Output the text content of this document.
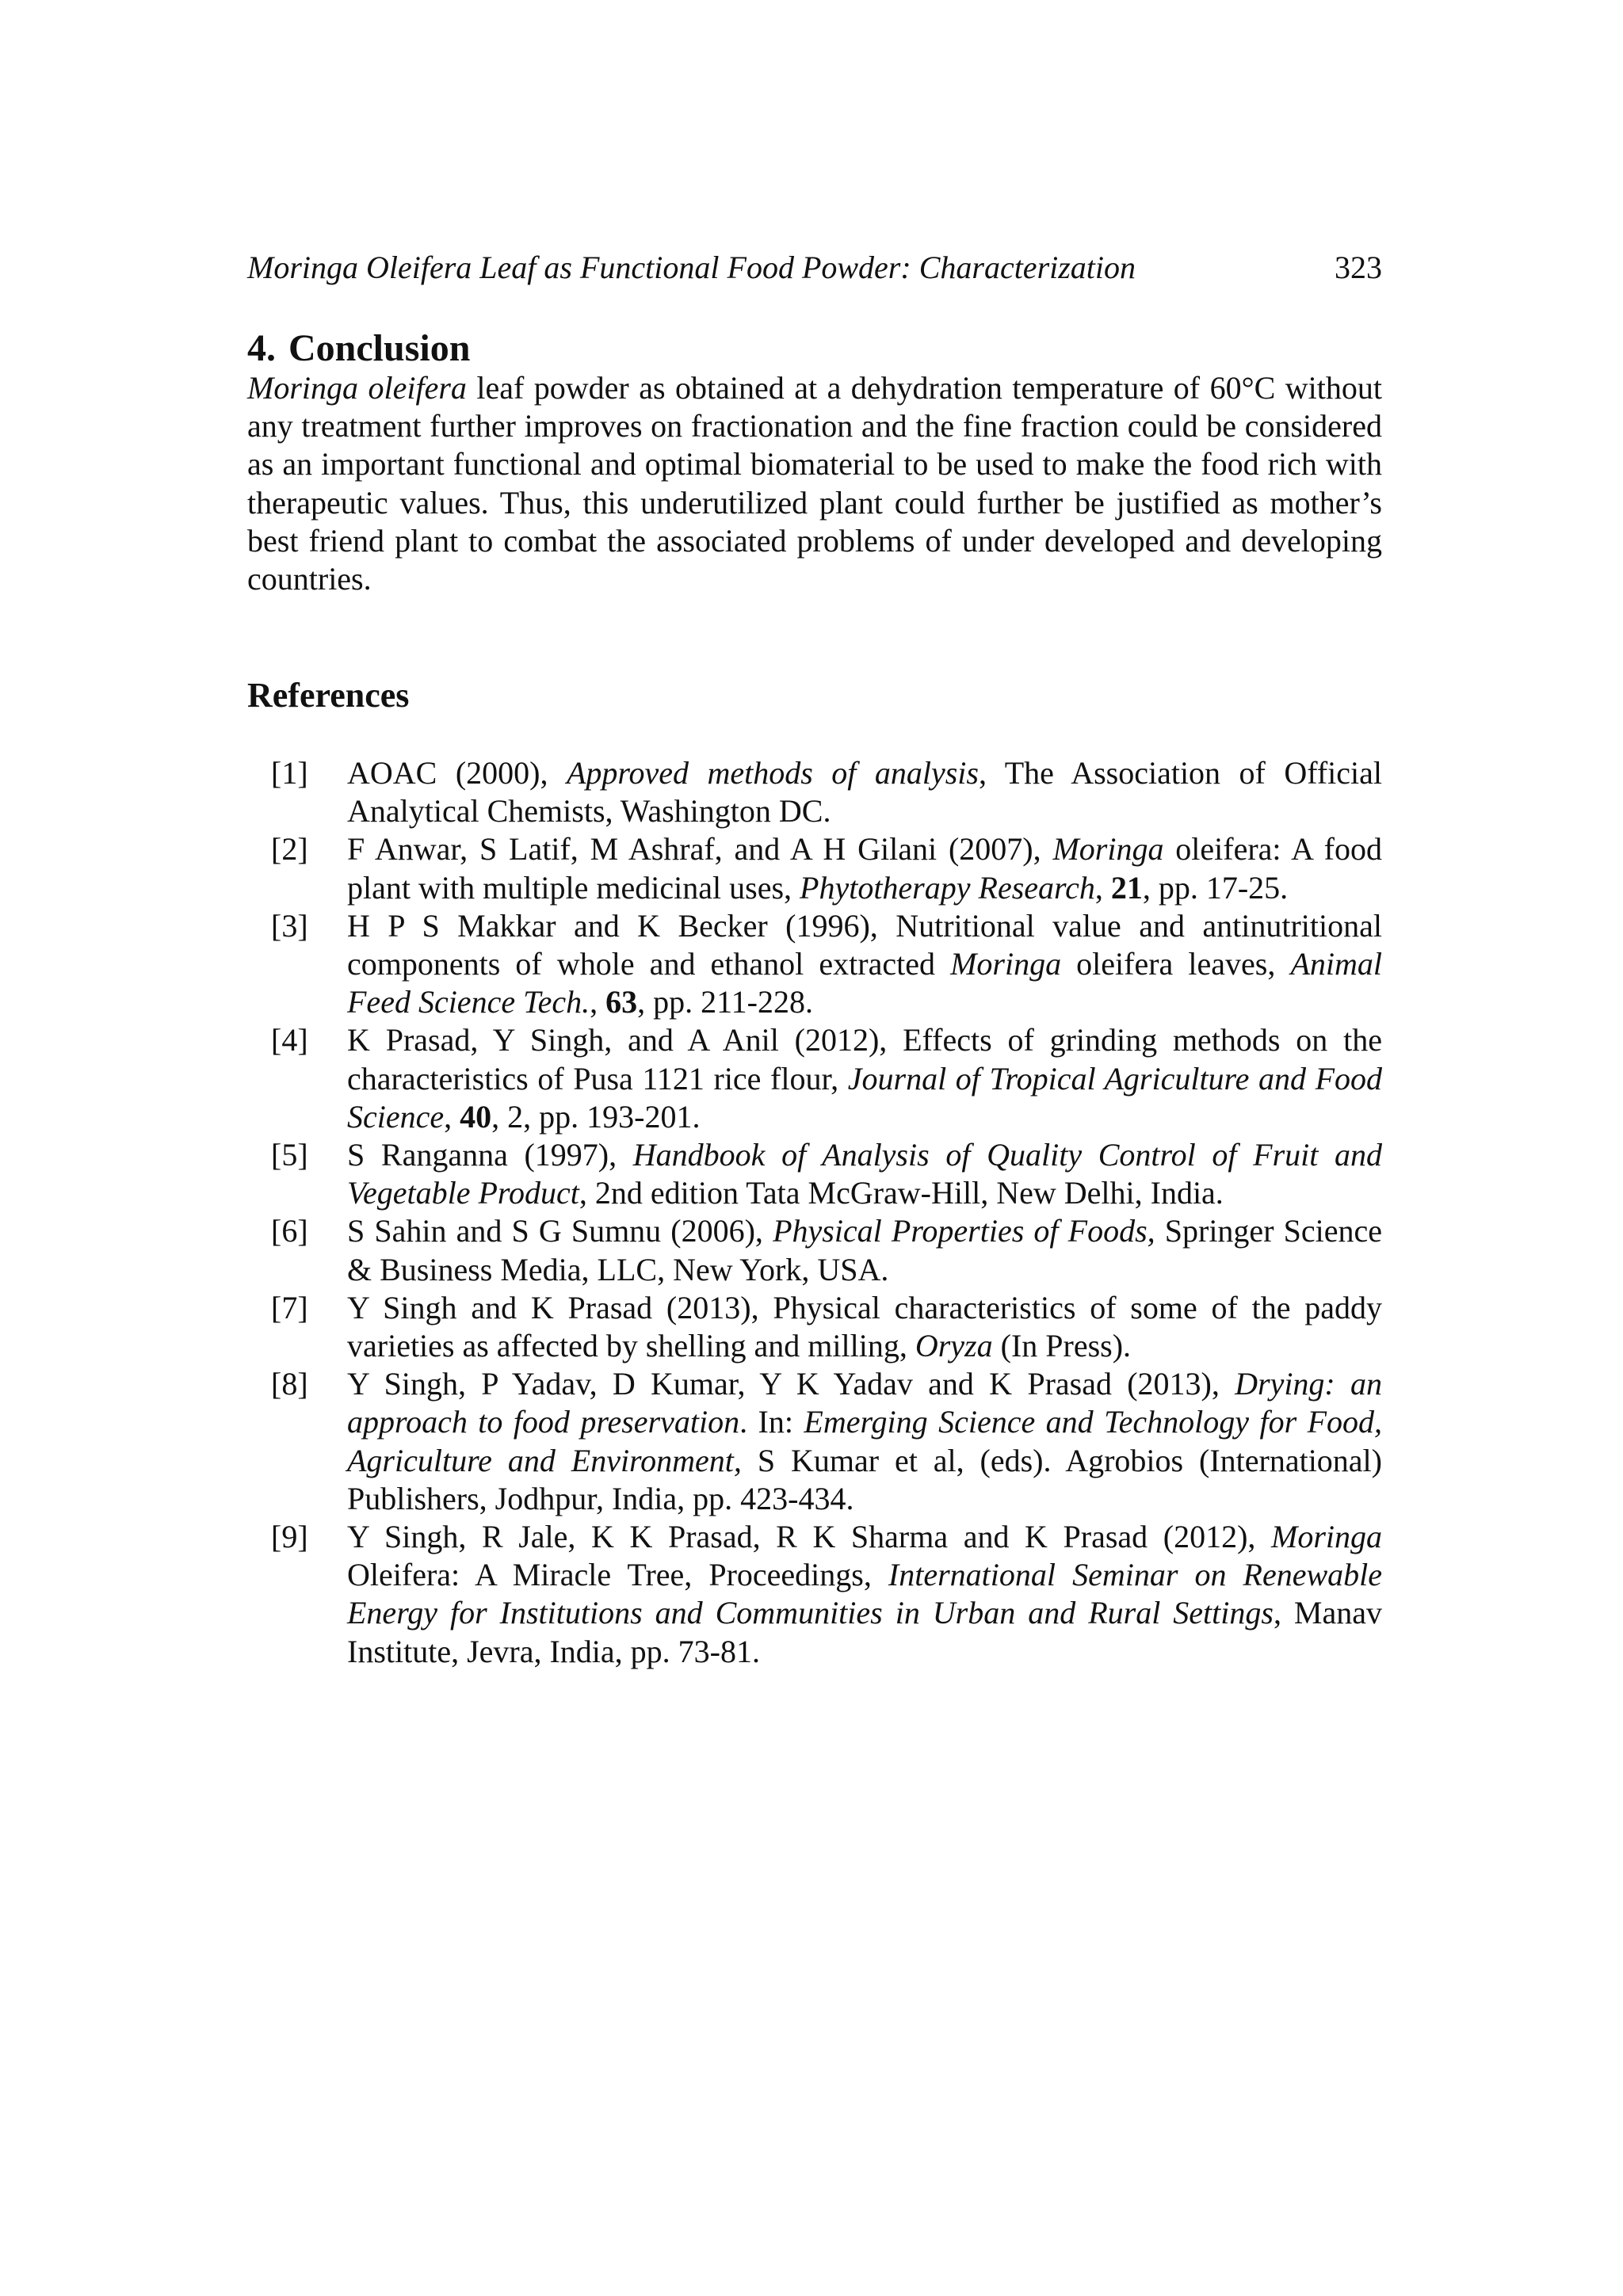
Moringa Oleifera Leaf as Functional Food Powder: Characterization	323
4. Conclusion
Moringa oleifera leaf powder as obtained at a dehydration temperature of 60°C without any treatment further improves on fractionation and the fine fraction could be considered as an important functional and optimal biomaterial to be used to make the food rich with therapeutic values. Thus, this underutilized plant could further be justified as mother’s best friend plant to combat the associated problems of under developed and developing countries.
References
[1] AOAC (2000), Approved methods of analysis, The Association of Official Analytical Chemists, Washington DC.
[2] F Anwar, S Latif, M Ashraf, and A H Gilani (2007), Moringa oleifera: A food plant with multiple medicinal uses, Phytotherapy Research, 21, pp. 17-25.
[3] H P S Makkar and K Becker (1996), Nutritional value and antinutritional components of whole and ethanol extracted Moringa oleifera leaves, Animal Feed Science Tech., 63, pp. 211-228.
[4] K Prasad, Y Singh, and A Anil (2012), Effects of grinding methods on the characteristics of Pusa 1121 rice flour, Journal of Tropical Agriculture and Food Science, 40, 2, pp. 193-201.
[5] S Ranganna (1997), Handbook of Analysis of Quality Control of Fruit and Vegetable Product, 2nd edition Tata McGraw-Hill, New Delhi, India.
[6] S Sahin and S G Sumnu (2006), Physical Properties of Foods, Springer Science & Business Media, LLC, New York, USA.
[7] Y Singh and K Prasad (2013), Physical characteristics of some of the paddy varieties as affected by shelling and milling, Oryza (In Press).
[8] Y Singh, P Yadav, D Kumar, Y K Yadav and K Prasad (2013), Drying: an approach to food preservation. In: Emerging Science and Technology for Food, Agriculture and Environment, S Kumar et al, (eds). Agrobios (International) Publishers, Jodhpur, India, pp. 423-434.
[9] Y Singh, R Jale, K K Prasad, R K Sharma and K Prasad (2012), Moringa Oleifera: A Miracle Tree, Proceedings, International Seminar on Renewable Energy for Institutions and Communities in Urban and Rural Settings, Manav Institute, Jevra, India, pp. 73-81.
